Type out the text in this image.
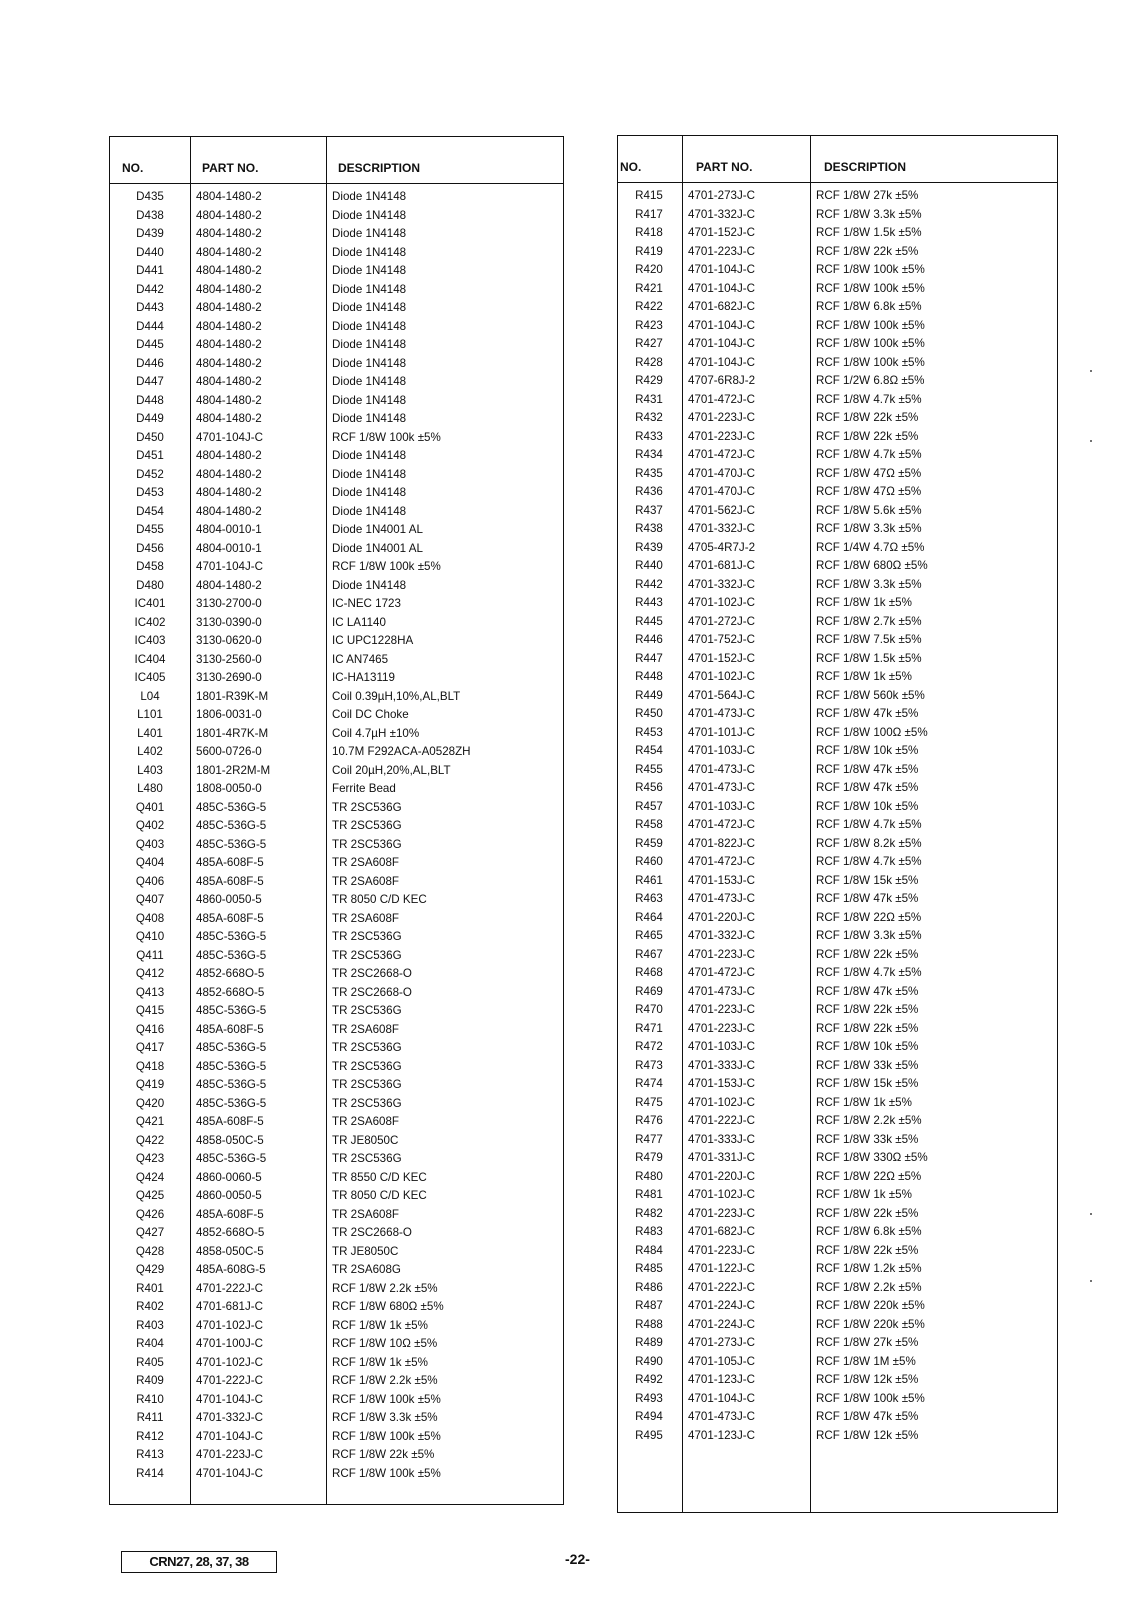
NO.	PART NO.	DESCRIPTION
D435	4804-1480-2	Diode 1N4148
D438	4804-1480-2	Diode 1N4148
D439	4804-1480-2	Diode 1N4148
D440	4804-1480-2	Diode 1N4148
D441	4804-1480-2	Diode 1N4148
D442	4804-1480-2	Diode 1N4148
D443	4804-1480-2	Diode 1N4148
D444	4804-1480-2	Diode 1N4148
D445	4804-1480-2	Diode 1N4148
D446	4804-1480-2	Diode 1N4148
D447	4804-1480-2	Diode 1N4148
D448	4804-1480-2	Diode 1N4148
D449	4804-1480-2	Diode 1N4148
D450	4701-104J-C	RCF 1/8W 100k ±5%
D451	4804-1480-2	Diode 1N4148
D452	4804-1480-2	Diode 1N4148
D453	4804-1480-2	Diode 1N4148
D454	4804-1480-2	Diode 1N4148
D455	4804-0010-1	Diode 1N4001 AL
D456	4804-0010-1	Diode 1N4001 AL
D458	4701-104J-C	RCF 1/8W 100k ±5%
D480	4804-1480-2	Diode 1N4148
IC401	3130-2700-0	IC-NEC 1723
IC402	3130-0390-0	IC LA1140
IC403	3130-0620-0	IC UPC1228HA
IC404	3130-2560-0	IC AN7465
IC405	3130-2690-0	IC-HA13119
L04	1801-R39K-M	Coil 0.39µH,10%,AL,BLT
L101	1806-0031-0	Coil DC Choke
L401	1801-4R7K-M	Coil 4.7µH ±10%
L402	5600-0726-0	10.7M F292ACA-A0528ZH
L403	1801-2R2M-M	Coil 20µH,20%,AL,BLT
L480	1808-0050-0	Ferrite Bead
Q401	485C-536G-5	TR 2SC536G
Q402	485C-536G-5	TR 2SC536G
Q403	485C-536G-5	TR 2SC536G
Q404	485A-608F-5	TR 2SA608F
Q406	485A-608F-5	TR 2SA608F
Q407	4860-0050-5	TR 8050 C/D KEC
Q408	485A-608F-5	TR 2SA608F
Q410	485C-536G-5	TR 2SC536G
Q411	485C-536G-5	TR 2SC536G
Q412	4852-668O-5	TR 2SC2668-O
Q413	4852-668O-5	TR 2SC2668-O
Q415	485C-536G-5	TR 2SC536G
Q416	485A-608F-5	TR 2SA608F
Q417	485C-536G-5	TR 2SC536G
Q418	485C-536G-5	TR 2SC536G
Q419	485C-536G-5	TR 2SC536G
Q420	485C-536G-5	TR 2SC536G
Q421	485A-608F-5	TR 2SA608F
Q422	4858-050C-5	TR JE8050C
Q423	485C-536G-5	TR 2SC536G
Q424	4860-0060-5	TR 8550 C/D KEC
Q425	4860-0050-5	TR 8050 C/D KEC
Q426	485A-608F-5	TR 2SA608F
Q427	4852-668O-5	TR 2SC2668-O
Q428	4858-050C-5	TR JE8050C
Q429	485A-608G-5	TR 2SA608G
R401	4701-222J-C	RCF 1/8W 2.2k ±5%
R402	4701-681J-C	RCF 1/8W 680Ω ±5%
R403	4701-102J-C	RCF 1/8W 1k ±5%
R404	4701-100J-C	RCF 1/8W 10Ω ±5%
R405	4701-102J-C	RCF 1/8W 1k ±5%
R409	4701-222J-C	RCF 1/8W 2.2k ±5%
R410	4701-104J-C	RCF 1/8W 100k ±5%
R411	4701-332J-C	RCF 1/8W 3.3k ±5%
R412	4701-104J-C	RCF 1/8W 100k ±5%
R413	4701-223J-C	RCF 1/8W 22k ±5%
R414	4701-104J-C	RCF 1/8W 100k ±5%
NO.	PART NO.	DESCRIPTION
R415	4701-273J-C	RCF 1/8W 27k ±5%
R417	4701-332J-C	RCF 1/8W 3.3k ±5%
R418	4701-152J-C	RCF 1/8W 1.5k ±5%
R419	4701-223J-C	RCF 1/8W 22k ±5%
R420	4701-104J-C	RCF 1/8W 100k ±5%
R421	4701-104J-C	RCF 1/8W 100k ±5%
R422	4701-682J-C	RCF 1/8W 6.8k ±5%
R423	4701-104J-C	RCF 1/8W 100k ±5%
R427	4701-104J-C	RCF 1/8W 100k ±5%
R428	4701-104J-C	RCF 1/8W 100k ±5%
R429	4707-6R8J-2	RCF 1/2W 6.8Ω ±5%
R431	4701-472J-C	RCF 1/8W 4.7k ±5%
R432	4701-223J-C	RCF 1/8W 22k ±5%
R433	4701-223J-C	RCF 1/8W 22k ±5%
R434	4701-472J-C	RCF 1/8W 4.7k ±5%
R435	4701-470J-C	RCF 1/8W 47Ω ±5%
R436	4701-470J-C	RCF 1/8W 47Ω ±5%
R437	4701-562J-C	RCF 1/8W 5.6k ±5%
R438	4701-332J-C	RCF 1/8W 3.3k ±5%
R439	4705-4R7J-2	RCF 1/4W 4.7Ω ±5%
R440	4701-681J-C	RCF 1/8W 680Ω ±5%
R442	4701-332J-C	RCF 1/8W 3.3k ±5%
R443	4701-102J-C	RCF 1/8W 1k ±5%
R445	4701-272J-C	RCF 1/8W 2.7k ±5%
R446	4701-752J-C	RCF 1/8W 7.5k ±5%
R447	4701-152J-C	RCF 1/8W 1.5k ±5%
R448	4701-102J-C	RCF 1/8W 1k ±5%
R449	4701-564J-C	RCF 1/8W 560k ±5%
R450	4701-473J-C	RCF 1/8W 47k ±5%
R453	4701-101J-C	RCF 1/8W 100Ω ±5%
R454	4701-103J-C	RCF 1/8W 10k ±5%
R455	4701-473J-C	RCF 1/8W 47k ±5%
R456	4701-473J-C	RCF 1/8W 47k ±5%
R457	4701-103J-C	RCF 1/8W 10k ±5%
R458	4701-472J-C	RCF 1/8W 4.7k ±5%
R459	4701-822J-C	RCF 1/8W 8.2k ±5%
R460	4701-472J-C	RCF 1/8W 4.7k ±5%
R461	4701-153J-C	RCF 1/8W 15k ±5%
R463	4701-473J-C	RCF 1/8W 47k ±5%
R464	4701-220J-C	RCF 1/8W 22Ω ±5%
R465	4701-332J-C	RCF 1/8W 3.3k ±5%
R467	4701-223J-C	RCF 1/8W 22k ±5%
R468	4701-472J-C	RCF 1/8W 4.7k ±5%
R469	4701-473J-C	RCF 1/8W 47k ±5%
R470	4701-223J-C	RCF 1/8W 22k ±5%
R471	4701-223J-C	RCF 1/8W 22k ±5%
R472	4701-103J-C	RCF 1/8W 10k ±5%
R473	4701-333J-C	RCF 1/8W 33k ±5%
R474	4701-153J-C	RCF 1/8W 15k ±5%
R475	4701-102J-C	RCF 1/8W 1k ±5%
R476	4701-222J-C	RCF 1/8W 2.2k ±5%
R477	4701-333J-C	RCF 1/8W 33k ±5%
R479	4701-331J-C	RCF 1/8W 330Ω ±5%
R480	4701-220J-C	RCF 1/8W 22Ω ±5%
R481	4701-102J-C	RCF 1/8W 1k ±5%
R482	4701-223J-C	RCF 1/8W 22k ±5%
R483	4701-682J-C	RCF 1/8W 6.8k ±5%
R484	4701-223J-C	RCF 1/8W 22k ±5%
R485	4701-122J-C	RCF 1/8W 1.2k ±5%
R486	4701-222J-C	RCF 1/8W 2.2k ±5%
R487	4701-224J-C	RCF 1/8W 220k ±5%
R488	4701-224J-C	RCF 1/8W 220k ±5%
R489	4701-273J-C	RCF 1/8W 27k ±5%
R490	4701-105J-C	RCF 1/8W 1M ±5%
R492	4701-123J-C	RCF 1/8W 12k ±5%
R493	4701-104J-C	RCF 1/8W 100k ±5%
R494	4701-473J-C	RCF 1/8W 47k ±5%
R495	4701-123J-C	RCF 1/8W 12k ±5%
CRN27, 28, 37, 38	-22-
